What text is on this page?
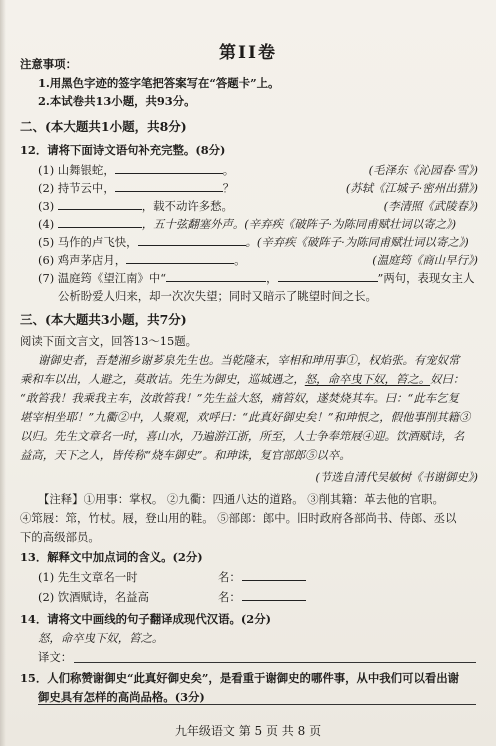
第II卷
注意事项：
1.用黑色字迹的签字笔把答案写在“答题卡”上。
2.本试卷共13小题，共93分。
二、(本大题共1小题，共8分)
12．请将下面诗文语句补充完整。(8分)
(1) 山舞银蛇，	。	(毛泽东《沁园春·雪》)
(2) 持节云中，	？	(苏轼《江城子·密州出猎》)
(3)	，载不动许多愁。	(李清照《武陵春》)
(4)	，五十弦翻塞外声。(辛弃疾《破阵子·为陈同甫赋壮词以寄之》)
(5) 马作的卢飞快，	。(辛弃疾《破阵子·为陈同甫赋壮词以寄之》)
(6) 鸡声茅店月，	。	(温庭筠《商山早行》)
(7) 温庭筠《望江南》中“	，	”两句，表现女主人
公析盼爱人归来，却一次次失望；同时又暗示了眺望时间之长。
三、(本大题共3小题，共7分)
阅读下面文言文，回答13～15题。
谢御史者，吾楚湘乡谢芗泉先生也。当乾隆末，宰相和珅用事①，权焰张。有宠奴常
乘和车以出，人避之，莫敢诘。先生为御史，巡城遇之，怒，命卒曳下奴，笞之。奴曰：
“敢笞我！我乘我主车，汝敢笞我！”先生益大怒，痛笞奴，遂焚烧其车。曰：“此车乞复
堪宰相坐耶！”九衢②中，人聚观，欢呼曰：“此真好御史矣！”和珅恨之，假他事削其籍③
以归。先生文章名一时，喜山水，乃遍游江浙，所至，人士争奉筇屐④迎。饮酒赋诗，名
益高，天下之人，皆传称“烧车御史”。和珅诛，复官部郎⑤以卒。
(节选自清代吴敏树《书谢御史》)
【注释】①用事：掌权。 ②九衢：四通八达的道路。 ③削其籍：革去他的官职。
④筇屐：筇，竹杖。屐，登山用的鞋。 ⑤部郎：郎中。旧时政府各部尚书、侍郎、丞以
下的高级部员。
13．解释文中加点词的含义。(2分)
(1) 先生文章名一时	名：
(2) 饮酒赋诗，名益高	名：
14．请将文中画线的句子翻译成现代汉语。(2分)
怒，命卒曳下奴，笞之。
译文：
15．人们称赞谢御史“此真好御史矣”，是看重于谢御史的哪件事，从中我们可以看出谢
御史具有怎样的高尚品格。(3分)
九年级语文 第 5 页 共 8 页
